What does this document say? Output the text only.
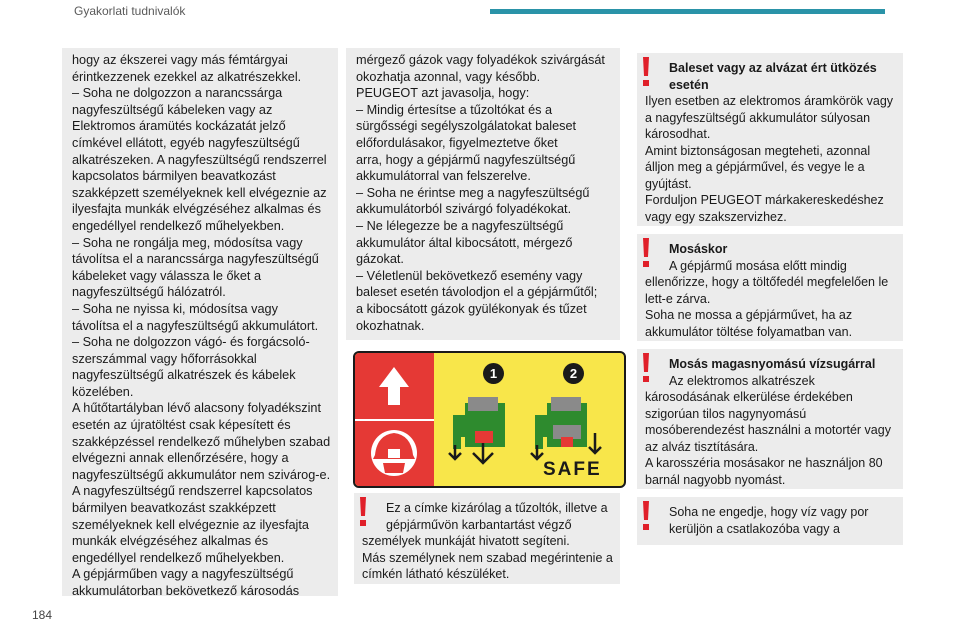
Gyakorlati tudnivalók
hogy az ékszerei vagy más fémtárgyai
érintkezzenek ezekkel az alkatrészekkel.
– Soha ne dolgozzon a narancssárga
nagyfeszültségű kábeleken vagy az
Elektromos áramütés kockázatát jelző
címkével ellátott, egyéb nagyfeszültségű
alkatrészeken. A nagyfeszültségű rendszerrel
kapcsolatos bármilyen beavatkozást
szakképzett személyeknek kell elvégeznie az
ilyesfajta munkák elvégzéséhez alkalmas és
engedéllyel rendelkező műhelyekben.
– Soha ne rongálja meg, módosítsa vagy
távolítsa el a narancssárga nagyfeszültségű
kábeleket vagy válassza le őket a
nagyfeszültségű hálózatról.
– Soha ne nyissa ki, módosítsa vagy
távolítsa el a nagyfeszültségű akkumulátort.
– Soha ne dolgozzon vágó- és forgácsoló-
szerszámmal vagy hőforrásokkal
nagyfeszültségű alkatrészek és kábelek
közelében.
A hűtőtartályban lévő alacsony folyadékszint
esetén az újratöltést csak képesített és
szakképzéssel rendelkező műhelyben szabad
elvégezni annak ellenőrzésére, hogy a
nagyfeszültségű akkumulátor nem szivárog-e.
A nagyfeszültségű rendszerrel kapcsolatos
bármilyen beavatkozást szakképzett
személyeknek kell elvégeznie az ilyesfajta
munkák elvégzéséhez alkalmas és
engedéllyel rendelkező műhelyekben.
A gépjárműben vagy a nagyfeszültségű
akkumulátorban bekövetkező károsodás
mérgező gázok vagy folyadékok szivárgását
okozhatja azonnal, vagy később.
PEUGEOT azt javasolja, hogy:
– Mindig értesítse a tűzoltókat és a
sürgősségi segélyszolgálatokat baleset
előfordulásakor, figyelmeztetve őket
arra, hogy a gépjármű nagyfeszültségű
akkumulátorral van felszerelve.
– Soha ne érintse meg a nagyfeszültségű
akkumulátorból szivárgó folyadékokat.
– Ne lélegezze be a nagyfeszültségű
akkumulátor által kibocsátott, mérgező
gázokat.
– Véletlenül bekövetkező esemény vagy
baleset esetén távolodjon el a gépjárműtől;
a kibocsátott gázok gyülékonyak és tűzet
okozhatnak.
1	2
SAFE
Ez a címke kizárólag a tűzoltók, illetve a
gépjárművön karbantartást végző
személyek munkáját hivatott segíteni.
Más személynek nem szabad megérintenie a
címkén látható készüléket.
Baleset vagy az alvázat ért ütközés
esetén
Ilyen esetben az elektromos áramkörök vagy
a nagyfeszültségű akkumulátor súlyosan
károsodhat.
Amint biztonságosan megteheti, azonnal
álljon meg a gépjárművel, és vegye le a
gyújtást.
Forduljon PEUGEOT márkakereskedéshez
vagy egy szakszervizhez.
Mosáskor
A gépjármű mosása előtt mindig
ellenőrizze, hogy a töltőfedél megfelelően le
lett-e zárva.
Soha ne mossa a gépjárművet, ha az
akkumulátor töltése folyamatban van.
Mosás magasnyomású vízsugárral
Az elektromos alkatrészek
károsodásának elkerülése érdekében
szigorúan tilos nagynyomású
mosóberendezést használni a motortér vagy
az alváz tisztítására.
A karosszéria mosásakor ne használjon 80
barnál nagyobb nyomást.
Soha ne engedje, hogy víz vagy por
kerüljön a csatlakozóba vagy a
184
